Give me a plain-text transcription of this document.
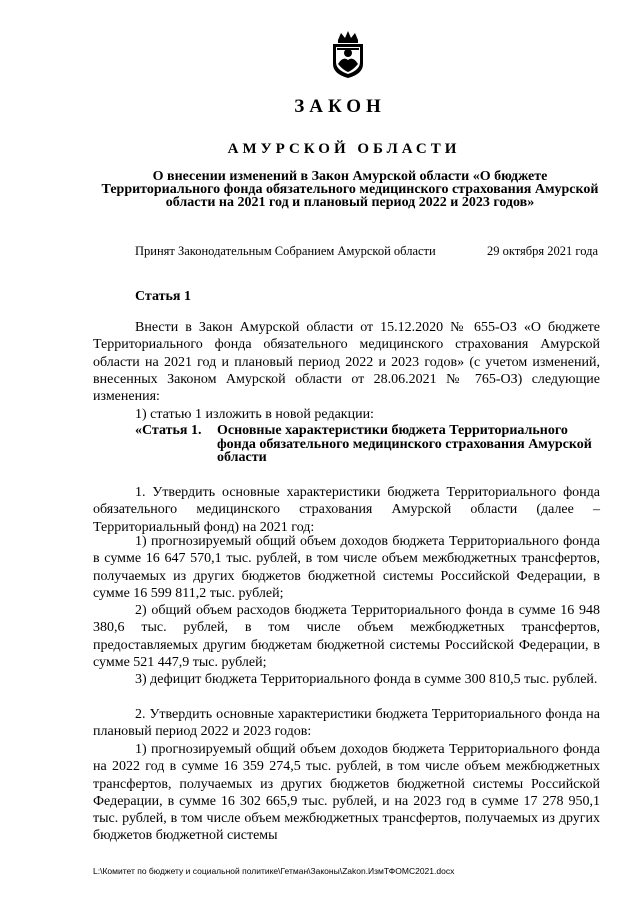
ЗАКОН
АМУРСКОЙ ОБЛАСТИ
О внесении изменений в Закон Амурской области «О бюджете Территориального фонда обязательного медицинского страхования Амурской области на 2021 год и плановый период 2022 и 2023 годов»
Принят Законодательным Собранием Амурской области	29 октября 2021 года
Статья 1
Внести в Закон Амурской области от 15.12.2020 № 655-ОЗ «О бюджете Территориального фонда обязательного медицинского страхования Амурской области на 2021 год и плановый период 2022 и 2023 годов» (с учетом изменений, внесенных Законом Амурской области от 28.06.2021 № 765-ОЗ) следующие изменения:
1) статью 1 изложить в новой редакции:
«Статья 1.	Основные характеристики бюджета Территориального фонда обязательного медицинского страхования Амурской области
1. Утвердить основные характеристики бюджета Территориального фонда обязательного медицинского страхования Амурской области (далее – Территориальный фонд) на 2021 год:
1) прогнозируемый общий объем доходов бюджета Территориального фонда в сумме 16 647 570,1 тыс. рублей, в том числе объем межбюджетных трансфертов, получаемых из других бюджетов бюджетной системы Российской Федерации, в сумме 16 599 811,2 тыс. рублей;
2) общий объем расходов бюджета Территориального фонда в сумме 16 948 380,6 тыс. рублей, в том числе объем межбюджетных трансфертов, предоставляемых другим бюджетам бюджетной системы Российской Федерации, в сумме 521 447,9 тыс. рублей;
3) дефицит бюджета Территориального фонда в сумме 300 810,5 тыс. рублей.
2. Утвердить основные характеристики бюджета Территориального фонда на плановый период 2022 и 2023 годов:
1) прогнозируемый общий объем доходов бюджета Территориального фонда на 2022 год в сумме 16 359 274,5 тыс. рублей, в том числе объем межбюджетных трансфертов, получаемых из других бюджетов бюджетной системы Российской Федерации, в сумме 16 302 665,9 тыс. рублей, и на 2023 год в сумме 17 278 950,1 тыс. рублей, в том числе объем межбюджетных трансфертов, получаемых из других бюджетов бюджетной системы
L:\Комитет по бюджету и социальной политике\Гетман\Законы\Zakon.ИзмТФОМС2021.docx
